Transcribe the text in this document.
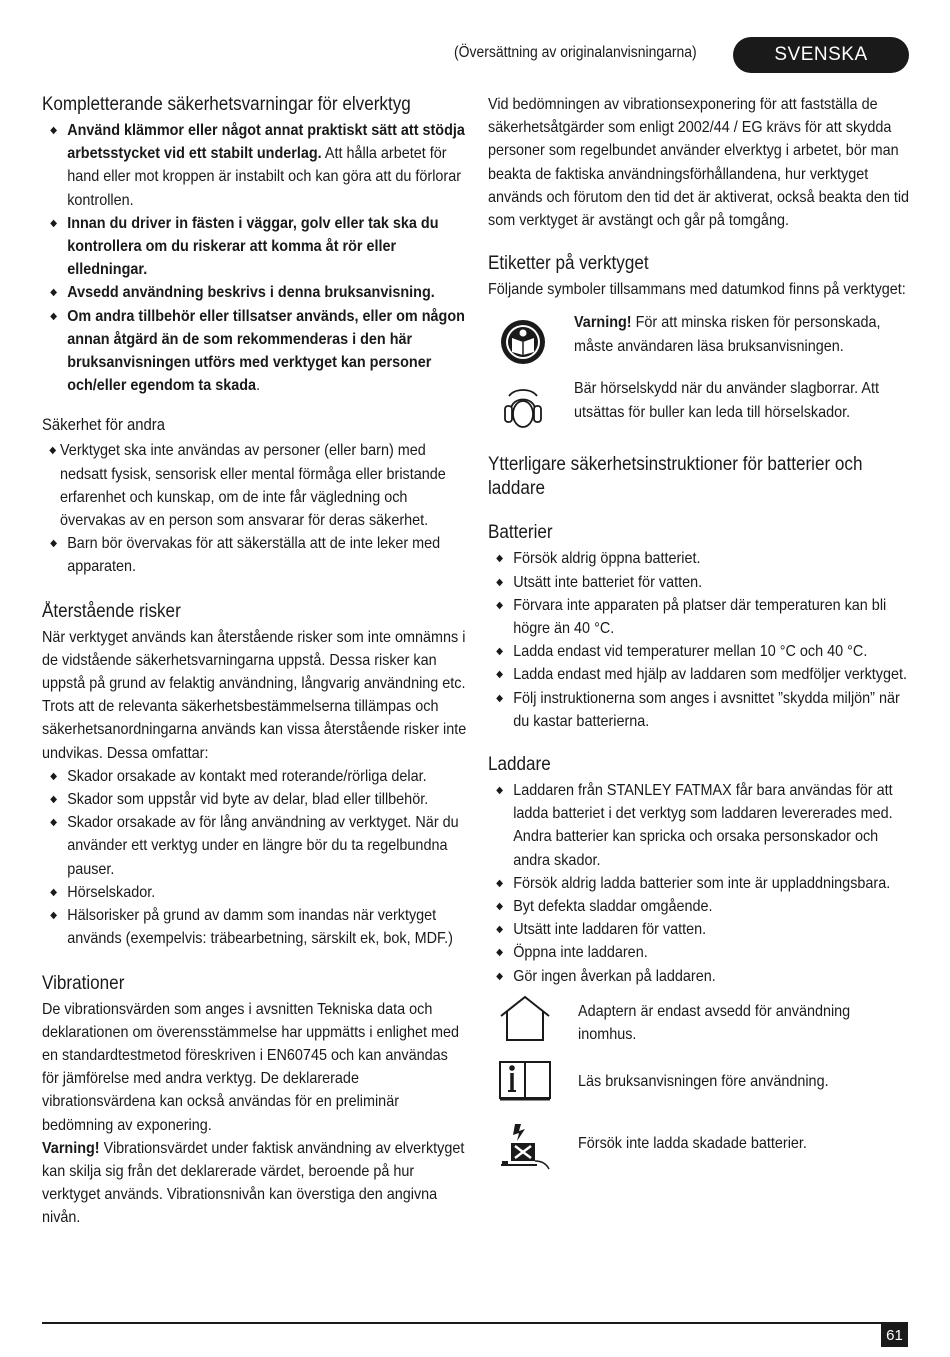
(Översättning av originalanvisningarna)	SVENSKA
Kompletterande säkerhetsvarningar för elverktyg
◆ Använd klämmor eller något annat praktiskt sätt att stödja arbetsstycket vid ett stabilt underlag. Att hålla arbetet för hand eller mot kroppen är instabilt och kan göra att du förlorar kontrollen.
◆ Innan du driver in fästen i väggar, golv eller tak ska du kontrollera om du riskerar att komma åt rör eller elledningar.
◆ Avsedd användning beskrivs i denna bruksanvisning.
◆ Om andra tillbehör eller tillsatser används, eller om någon annan åtgärd än de som rekommenderas i den här bruksanvisningen utförs med verktyget kan personer och/eller egendom ta skada.
Säkerhet för andra
◆ Verktyget ska inte användas av personer (eller barn) med nedsatt fysisk, sensorisk eller mental förmåga eller bristande erfarenhet och kunskap, om de inte får vägledning och övervakas av en person som ansvarar för deras säkerhet.
◆ Barn bör övervakas för att säkerställa att de inte leker med apparaten.
Återstående risker

När verktyget används kan återstående risker som inte omnämns i de vidstående säkerhetsvarningarna uppstå. Dessa risker kan uppstå på grund av felaktig användning, långvarig användning etc.

Trots att de relevanta säkerhetsbestämmelserna tillämpas och säkerhetsanordningarna används kan vissa återstående risker inte undvikas. Dessa omfattar:

◆ Skador orsakade av kontakt med roterande/rörliga delar.
◆ Skador som uppstår vid byte av delar, blad eller tillbehör.
◆ Skador orsakade av för lång användning av verktyget. När du använder ett verktyg under en längre bör du ta regelbundna pauser.
◆ Hörselskador.
◆ Hälsorisker på grund av damm som inandas när verktyget används (exempelvis: träbearbetning, särskilt ek, bok, MDF.)
Vibrationer

De vibrationsvärden som anges i avsnitten Tekniska data och deklarationen om överensstämmelse har uppmätts i enlighet med en standardtestmetod föreskriven i EN60745 och kan användas för jämförelse med andra verktyg. De deklarerade vibrationsvärdena kan också användas för en preliminär bedömning av exponering.

Varning! Vibrationsvärdet under faktisk användning av elverktyget kan skilja sig från det deklarerade värdet, beroende på hur verktyget används. Vibrationsnivån kan överstiga den angivna nivån.

Vid bedömningen av vibrationsexponering för att fastställa de säkerhetsåtgärder som enligt 2002/44 / EG krävs för att skydda personer som regelbundet använder elverktyg i arbetet, bör man beakta de faktiska användningsförhållandena, hur verktyget används och förutom den tid det är aktiverat, också beakta den tid som verktyget är avstängt och går på tomgång.

Etiketter på verktyget

Följande symboler tillsammans med datumkod finns på verktyget:

Varning! För att minska risken för personskada, måste användaren läsa bruksanvisningen.
Bär hörselskydd när du använder slagborrar. Att utsättas för buller kan leda till hörselskador.
Ytterligare säkerhetsinstruktioner för batterier och laddare
Batterier
◆ Försök aldrig öppna batteriet.
◆ Utsätt inte batteriet för vatten.
◆ Förvara inte apparaten på platser där temperaturen kan bli högre än 40 °C.
◆ Ladda endast vid temperaturer mellan 10 °C och 40 °C.
◆ Ladda endast med hjälp av laddaren som medföljer verktyget.
◆ Följ instruktionerna som anges i avsnittet ”skydda miljön” när du kastar batterierna.
Laddare
◆ Laddaren från STANLEY FATMAX får bara användas för att ladda batteriet i det verktyg som laddaren levererades med. Andra batterier kan spricka och orsaka personskador och andra skador.
◆ Försök aldrig ladda batterier som inte är uppladdningsbara.
◆ Byt defekta sladdar omgående.
◆ Utsätt inte laddaren för vatten.
◆ Öppna inte laddaren.
◆ Gör ingen åverkan på laddaren.
Adaptern är endast avsedd för användning inomhus.
Läs bruksanvisningen före användning.
Försök inte ladda skadade batterier.
61
